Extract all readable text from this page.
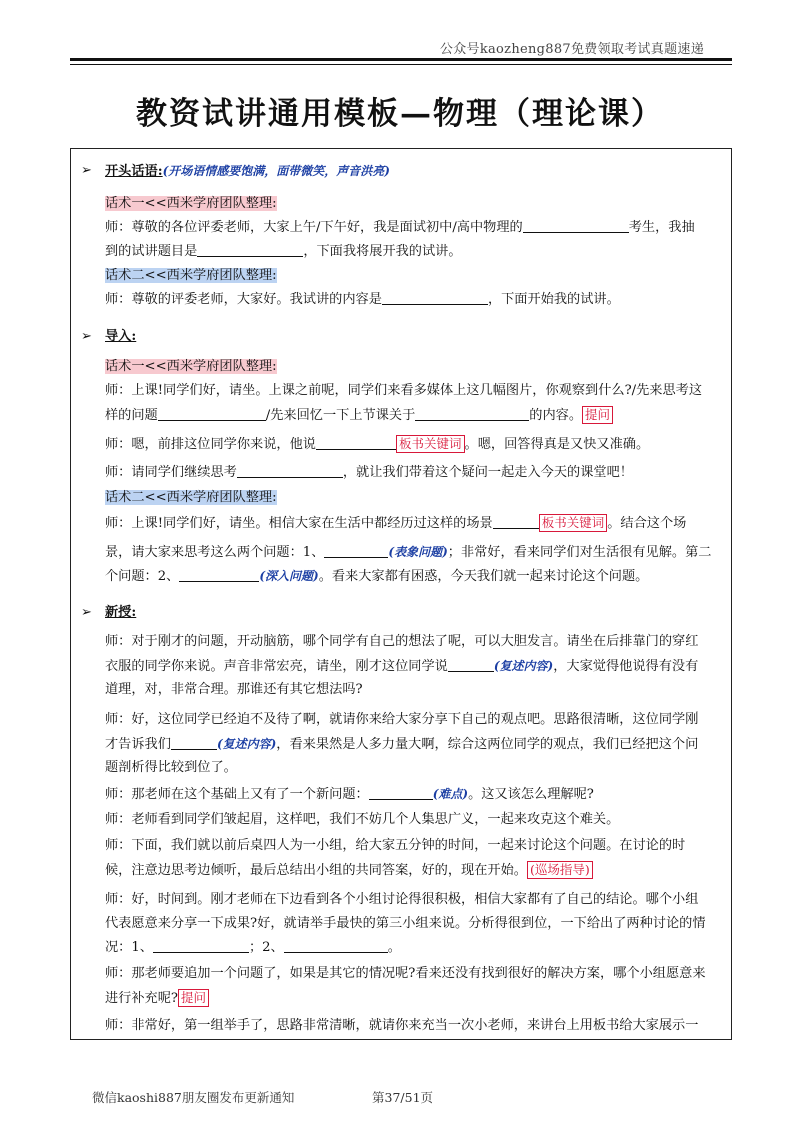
公众号kaozheng887免费领取考试真题速递
教资试讲通用模板—物理（理论课）
➢ 开头话语:(开场语情感要饱满，面带微笑，声音洪亮)
话术一<<西米学府团队整理:
师：尊敬的各位评委老师，大家上午/下午好，我是面试初中/高中物理的	考生，我抽
到的试讲题目是	，下面我将展开我的试讲。
话术二<<西米学府团队整理:
师：尊敬的评委老师，大家好。我试讲的内容是	，下面开始我的试讲。
➢ 导入:
话术一<<西米学府团队整理:
师：上课!同学们好，请坐。上课之前呢，同学们来看多媒体上这几幅图片，你观察到什么?/先来思考这
样的问题	/先来回忆一下上节课关于	的内容。 提问
师：嗯，前排这位同学你来说，他说	板书关键词 。嗯，回答得真是又快又准确。
师：请同学们继续思考	，就让我们带着这个疑问一起走入今天的课堂吧！
话术二<<西米学府团队整理:
师：上课!同学们好，请坐。相信大家在生活中都经历过这样的场景	板书关键词 。结合这个场
景，请大家来思考这么两个问题：1、	(表象问题)；非常好，看来同学们对生活很有见解。第二
个问题：2、	(深入问题)。看来大家都有困惑，今天我们就一起来讨论这个问题。
➢ 新授:
师：对于刚才的问题，开动脑筋，哪个同学有自己的想法了呢，可以大胆发言。请坐在后排靠门的穿红
衣服的同学你来说。声音非常宏亮，请坐，刚才这位同学说	(复述内容)，大家觉得他说得有没有
道理，对，非常合理。那谁还有其它想法吗?
师：好，这位同学已经迫不及待了啊，就请你来给大家分享下自己的观点吧。思路很清晰，这位同学刚
才告诉我们	(复述内容)，看来果然是人多力量大啊，综合这两位同学的观点，我们已经把这个问
题剖析得比较到位了。
师：那老师在这个基础上又有了一个新问题：	(难点)。这又该怎么理解呢?
师：老师看到同学们皱起眉，这样吧，我们不妨几个人集思广义，一起来攻克这个难关。
师：下面，我们就以前后桌四人为一小组，给大家五分钟的时间，一起来讨论这个问题。在讨论的时
候，注意边思考边倾听，最后总结出小组的共同答案，好的，现在开始。 (巡场指导)
师：好，时间到。刚才老师在下边看到各个小组讨论得很积极，相信大家都有了自己的结论。哪个小组
代表愿意来分享一下成果?好，就请举手最快的第三小组来说。分析得很到位，一下给出了两种讨论的情
况：1、	；2、	。
师：那老师要追加一个问题了，如果是其它的情况呢?看来还没有找到很好的解决方案，哪个小组愿意来
进行补充呢? 提问
师：非常好，第一组举手了，思路非常清晰，就请你来充当一次小老师，来讲台上用板书给大家展示一
微信kaoshi887朋友圈发布更新通知	第37/51页
